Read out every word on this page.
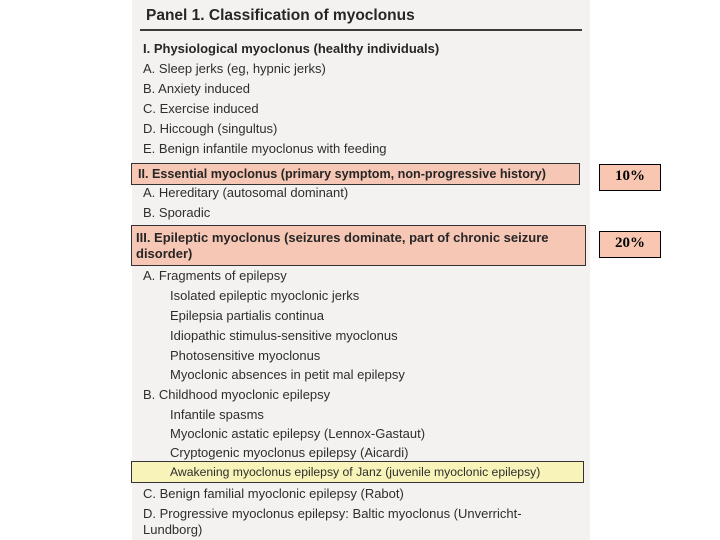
Panel 1. Classification of myoclonus
I. Physiological myoclonus (healthy individuals)
A. Sleep jerks (eg, hypnic jerks)
B. Anxiety induced
C. Exercise induced
D. Hiccough (singultus)
E. Benign infantile myoclonus with feeding
II. Essential myoclonus (primary symptom, non-progressive history)
A. Hereditary (autosomal dominant)
B. Sporadic
III. Epileptic myoclonus (seizures dominate, part of chronic seizure disorder)
A. Fragments of epilepsy
Isolated epileptic myoclonic jerks
Epilepsia partialis continua
Idiopathic stimulus-sensitive myoclonus
Photosensitive myoclonus
Myoclonic absences in petit mal epilepsy
B. Childhood myoclonic epilepsy
Infantile spasms
Myoclonic astatic epilepsy (Lennox-Gastaut)
Cryptogenic myoclonus epilepsy (Aicardi)
Awakening myoclonus epilepsy of Janz (juvenile myoclonic epilepsy)
C. Benign familial myoclonic epilepsy (Rabot)
D. Progressive myoclonus epilepsy: Baltic myoclonus (Unverricht-Lundborg)
10%
20%
